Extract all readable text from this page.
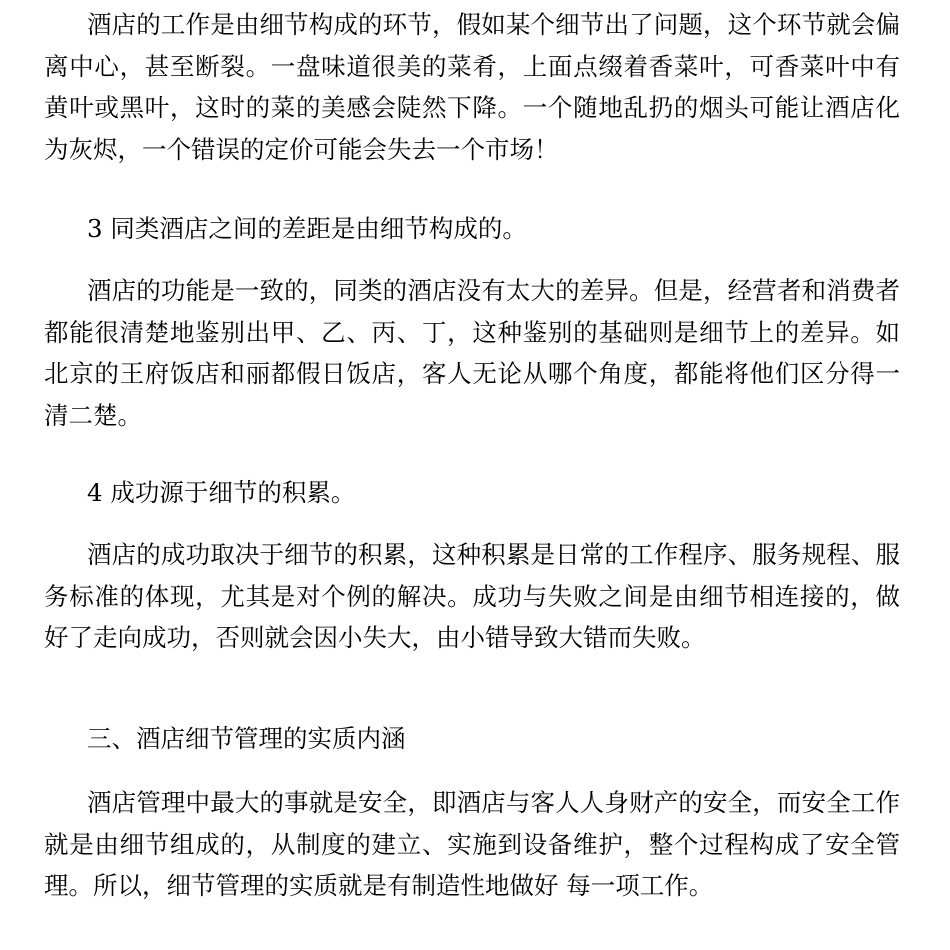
酒店的工作是由细节构成的环节，假如某个细节出了问题，这个环节就会偏离中心，甚至断裂。一盘味道很美的菜肴，上面点缀着香菜叶，可香菜叶中有黄叶或黑叶，这时的菜的美感会陡然下降。一个随地乱扔的烟头可能让酒店化为灰烬，一个错误的定价可能会失去一个市场！

3 同类酒店之间的差距是由细节构成的。

酒店的功能是一致的，同类的酒店没有太大的差异。但是，经营者和消费者都能很清楚地鉴别出甲、乙、丙、丁，这种鉴别的基础则是细节上的差异。如北京的王府饭店和丽都假日饭店，客人无论从哪个角度，都能将他们区分得一清二楚。

4 成功源于细节的积累。

酒店的成功取决于细节的积累，这种积累是日常的工作程序、服务规程、服务标准的体现，尤其是对个例的解决。成功与失败之间是由细节相连接的，做好了走向成功，否则就会因小失大，由小错导致大错而失败。

三、酒店细节管理的实质内涵

酒店管理中最大的事就是安全，即酒店与客人人身财产的安全，而安全工作就是由细节组成的，从制度的建立、实施到设备维护，整个过程构成了安全管理。所以，细节管理的实质就是有制造性地做好 每一项工作。
